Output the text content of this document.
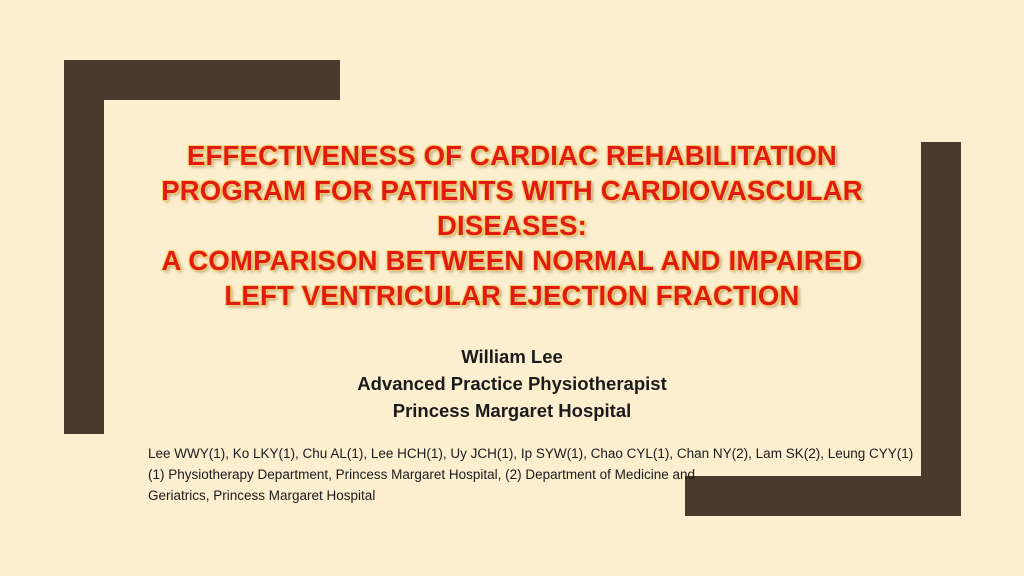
EFFECTIVENESS OF CARDIAC REHABILITATION
PROGRAM FOR PATIENTS WITH CARDIOVASCULAR
DISEASES:
A COMPARISON BETWEEN NORMAL AND IMPAIRED
LEFT VENTRICULAR EJECTION FRACTION
William Lee
Advanced Practice Physiotherapist
Princess Margaret Hospital
Lee WWY(1), Ko LKY(1), Chu AL(1), Lee HCH(1), Uy JCH(1), Ip SYW(1), Chao CYL(1), Chan NY(2), Lam SK(2), Leung CYY(1)
(1) Physiotherapy Department, Princess Margaret Hospital, (2) Department of Medicine and
Geriatrics, Princess Margaret Hospital
